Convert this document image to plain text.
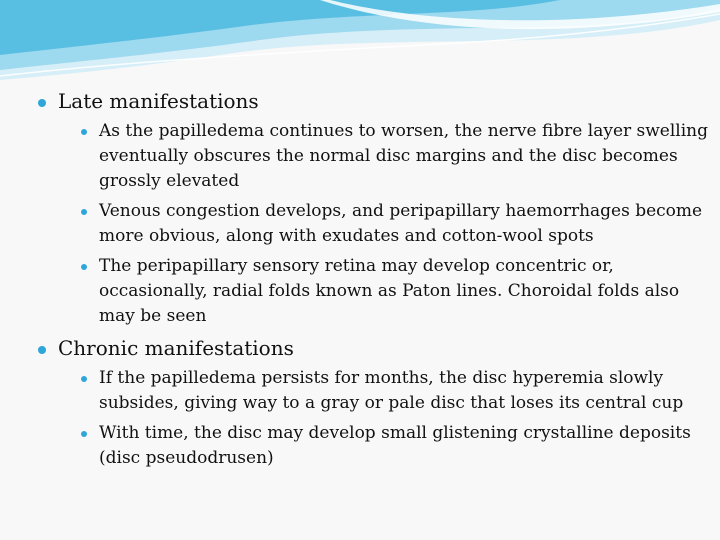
Late manifestations
As the papilledema continues to worsen, the nerve fibre layer swelling eventually obscures the normal disc margins and the disc becomes grossly elevated
Venous congestion develops, and peripapillary haemorrhages become more obvious, along with exudates and cotton-wool spots
The peripapillary sensory retina may develop concentric or, occasionally, radial folds known as Paton lines. Choroidal folds also may be seen
Chronic manifestations
If the papilledema persists for months, the disc hyperemia slowly subsides, giving way to a gray or pale disc that loses its central cup
With time, the disc may develop small glistening crystalline deposits (disc pseudodrusen)
